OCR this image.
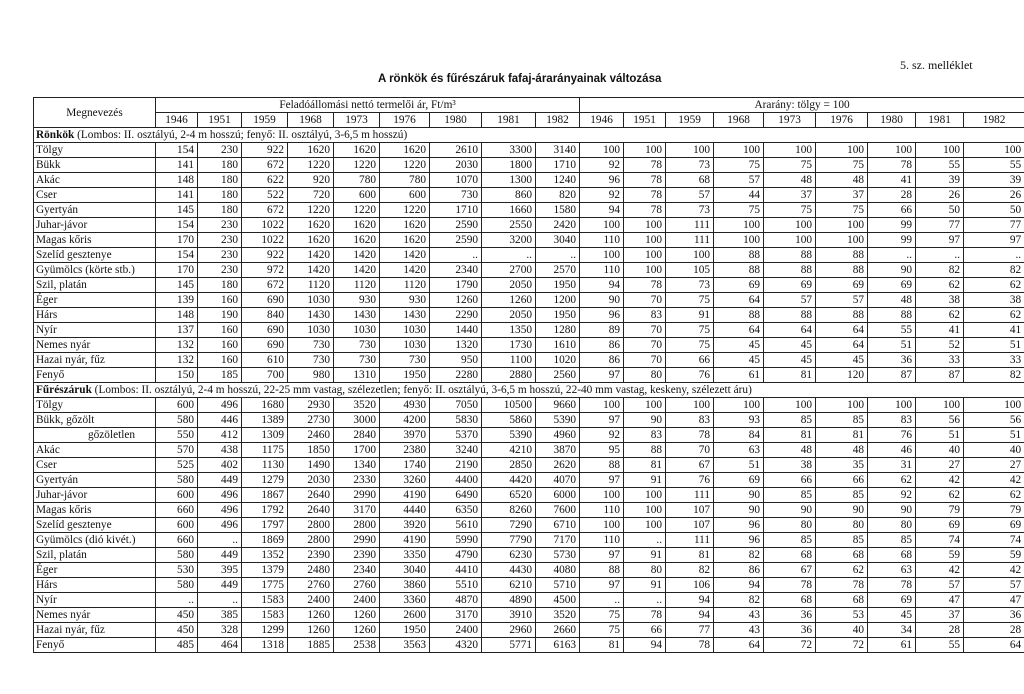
5. sz. melléklet
A rönkök és fűrészáruk fafaj-árarányainak változása
Megnevezés	Feladóállomási nettó termelői ár, Ft/m³									Ararány: tölgy = 100								
	1946	1951	1959	1968	1973	1976	1980	1981	1982	1946	1951	1959	1968	1973	1976	1980	1981	1982
Rönkök (Lombos: II. osztályú, 2-4 m hosszú; fenyő: II. osztályú, 3-6,5 m hosszú)																		
Tölgy	154	230	922	1620	1620	1620	2610	3300	3140	100	100	100	100	100	100	100	100	100
Bükk	141	180	672	1220	1220	1220	2030	1800	1710	92	78	73	75	75	75	78	55	55
Akác	148	180	622	920	780	780	1070	1300	1240	96	78	68	57	48	48	41	39	39
Cser	141	180	522	720	600	600	730	860	820	92	78	57	44	37	37	28	26	26
Gyertyán	145	180	672	1220	1220	1220	1710	1660	1580	94	78	73	75	75	75	66	50	50
Juhar-jávor	154	230	1022	1620	1620	1620	2590	2550	2420	100	100	111	100	100	100	99	77	77
Magas kőris	170	230	1022	1620	1620	1620	2590	3200	3040	110	100	111	100	100	100	99	97	97
Szelíd gesztenye	154	230	922	1420	1420	1420	..	..	..	100	100	100	88	88	88	..	..	..
Gyümölcs (körte stb.)	170	230	972	1420	1420	1420	2340	2700	2570	110	100	105	88	88	88	90	82	82
Szil, platán	145	180	672	1120	1120	1120	1790	2050	1950	94	78	73	69	69	69	69	62	62
Éger	139	160	690	1030	930	930	1260	1260	1200	90	70	75	64	57	57	48	38	38
Hárs	148	190	840	1430	1430	1430	2290	2050	1950	96	83	91	88	88	88	88	62	62
Nyír	137	160	690	1030	1030	1030	1440	1350	1280	89	70	75	64	64	64	55	41	41
Nemes nyár	132	160	690	730	730	1030	1320	1730	1610	86	70	75	45	45	64	51	52	51
Hazai nyár, fűz	132	160	610	730	730	730	950	1100	1020	86	70	66	45	45	45	36	33	33
Fenyő	150	185	700	980	1310	1950	2280	2880	2560	97	80	76	61	81	120	87	87	82
Fűrészáruk (Lombos: II. osztályú, 2-4 m hosszú, 22-25 mm vastag, szélezetlen; fenyő: II. osztályú, 3-6,5 m hosszú, 22-40 mm vastag, keskeny, szélezett áru)																		
Tölgy	600	496	1680	2930	3520	4930	7050	10500	9660	100	100	100	100	100	100	100	100	100
Bükk, gőzölt	580	446	1389	2730	3000	4200	5830	5860	5390	97	90	83	93	85	85	83	56	56
gőzöletlen	550	412	1309	2460	2840	3970	5370	5390	4960	92	83	78	84	81	81	76	51	51
Akác	570	438	1175	1850	1700	2380	3240	4210	3870	95	88	70	63	48	48	46	40	40
Cser	525	402	1130	1490	1340	1740	2190	2850	2620	88	81	67	51	38	35	31	27	27
Gyertyán	580	449	1279	2030	2330	3260	4400	4420	4070	97	91	76	69	66	66	62	42	42
Juhar-jávor	600	496	1867	2640	2990	4190	6490	6520	6000	100	100	111	90	85	85	92	62	62
Magas kőris	660	496	1792	2640	3170	4440	6350	8260	7600	110	100	107	90	90	90	90	79	79
Szelíd gesztenye	600	496	1797	2800	2800	3920	5610	7290	6710	100	100	107	96	80	80	80	69	69
Gyümölcs (dió kivét.)	660	..	1869	2800	2990	4190	5990	7790	7170	110	..	111	96	85	85	85	74	74
Szil, platán	580	449	1352	2390	2390	3350	4790	6230	5730	97	91	81	82	68	68	68	59	59
Éger	530	395	1379	2480	2340	3040	4410	4430	4080	88	80	82	86	67	62	63	42	42
Hárs	580	449	1775	2760	2760	3860	5510	6210	5710	97	91	106	94	78	78	78	57	57
Nyír	..	..	1583	2400	2400	3360	4870	4890	4500	..	..	94	82	68	68	69	47	47
Nemes nyár	450	385	1583	1260	1260	2600	3170	3910	3520	75	78	94	43	36	53	45	37	36
Hazai nyár, fűz	450	328	1299	1260	1260	1950	2400	2960	2660	75	66	77	43	36	40	34	28	28
Fenyő	485	464	1318	1885	2538	3563	4320	5771	6163	81	94	78	64	72	72	61	55	64
